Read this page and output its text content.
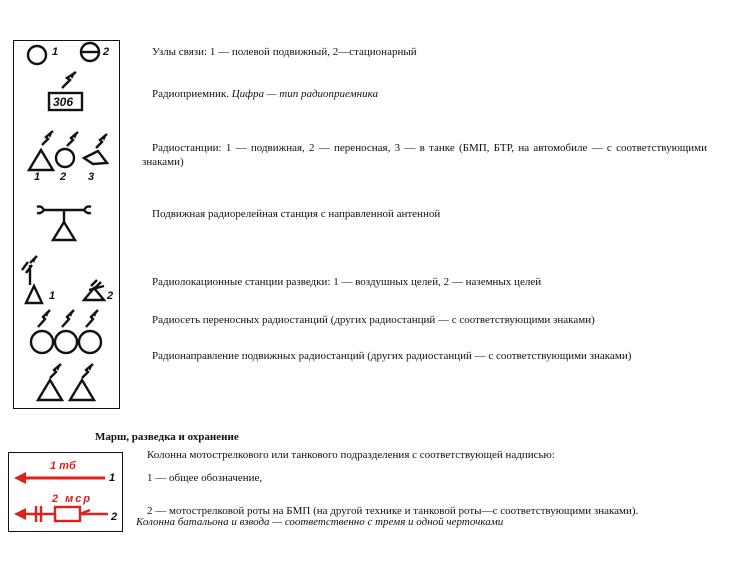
1	2
306
1 2 3
1	2
Узлы связи: 1 — полевой подвижный, 2—стационарный
Радиоприемник. Цифра — тип радиоприемника
Радиостанции: 1 — подвижная, 2 — переносная, 3 — в танке (БМП, БТР, на автомобиле — с соответствующими знаками)
Подвижная радиорелейная станция с направленной антенной
Радиолокационные станции разведки: 1 — воздушных целей, 2 — наземных целей
Радиосеть переносных радиостанций (других радиостанций — с соответствующими знаками)
Радионаправление подвижных радиостанций (других радиостанций — с соответствующими знаками)
Марш, разведка и охранение
1 тб
1
2 мср
2
Колонна мотострелкового или танкового подразделения с соответствующей надписью:
1 — общее обозначение,
2 — мотострелковой роты на БМП (на другой технике и танковой роты—с соответствующими знаками).
Колонна батальона и взвода — соответственно с тремя и одной черточками
